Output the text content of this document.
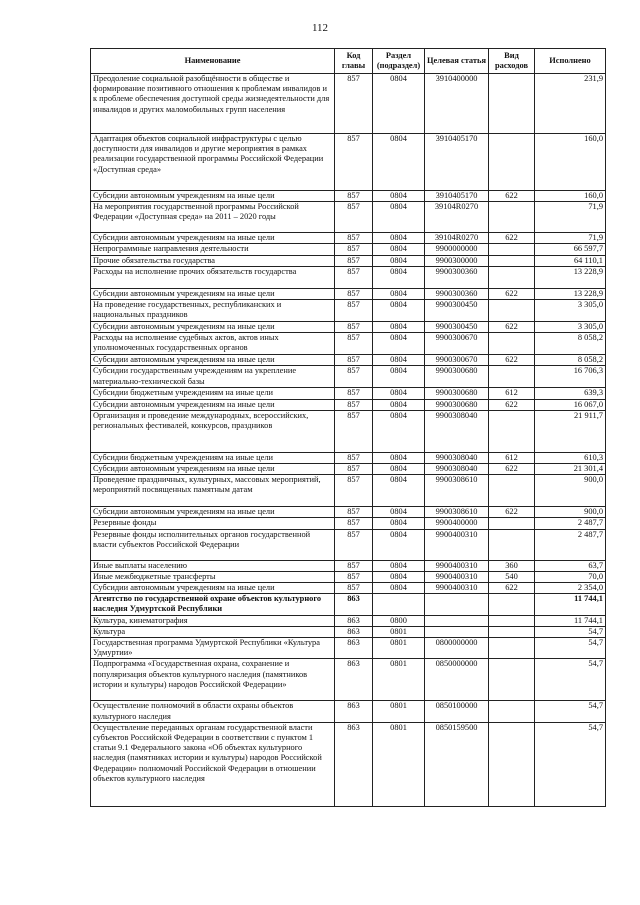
112
Наименование	Код главы	Раздел (подраздел)	Целевая статья	Вид расходов	Исполнено
Преодоление социальной разобщённости в обществе и формирование позитивного отношения к проблемам инвалидов и к проблеме обеспечения доступной среды жизнедеятельности для инвалидов и других маломобильных групп населения	857	0804	3910400000		231,9
Адаптация объектов социальной инфраструктуры с целью доступности для инвалидов и другие мероприятия в рамках реализации государственной программы Российской Федерации «Доступная среда»	857	0804	3910405170		160,0
Субсидии автономным учреждениям на иные цели	857	0804	3910405170	622	160,0
На мероприятия государственной программы Российской Федерации «Доступная среда» на 2011 – 2020 годы	857	0804	39104R0270		71,9
Субсидии автономным учреждениям на иные цели	857	0804	39104R0270	622	71,9
Непрограммные направления деятельности	857	0804	9900000000		66 597,7
Прочие обязательства государства	857	0804	9900300000		64 110,1
Расходы на исполнение прочих обязательств государства	857	0804	9900300360		13 228,9
Субсидии автономным учреждениям на иные цели	857	0804	9900300360	622	13 228,9
На проведение государственных, республиканских и национальных праздников	857	0804	9900300450		3 305,0
Субсидии автономным учреждениям на иные цели	857	0804	9900300450	622	3 305,0
Расходы на исполнение судебных актов, актов иных уполномоченных государственных органов	857	0804	9900300670		8 058,2
Субсидии автономным учреждениям на иные цели	857	0804	9900300670	622	8 058,2
Субсидии государственным учреждениям на укрепление материально-технической базы	857	0804	9900300680		16 706,3
Субсидии бюджетным учреждениям на иные цели	857	0804	9900300680	612	639,3
Субсидии автономным учреждениям на иные цели	857	0804	9900300680	622	16 067,0
Организация и проведение международных, всероссийских, региональных фестивалей, конкурсов, праздников	857	0804	9900308040		21 911,7
Субсидии бюджетным учреждениям на иные цели	857	0804	9900308040	612	610,3
Субсидии автономным учреждениям на иные цели	857	0804	9900308040	622	21 301,4
Проведение праздничных, культурных, массовых мероприятий, мероприятий посвященных памятным датам	857	0804	9900308610		900,0
Субсидии автономным учреждениям на иные цели	857	0804	9900308610	622	900,0
Резервные фонды	857	0804	9900400000		2 487,7
Резервные фонды исполнительных органов государственной власти субъектов Российской Федерации	857	0804	9900400310		2 487,7
Иные выплаты населению	857	0804	9900400310	360	63,7
Иные межбюджетные трансферты	857	0804	9900400310	540	70,0
Субсидии автономным учреждениям на иные цели	857	0804	9900400310	622	2 354,0
Агентство по государственной охране объектов культурного наследия Удмуртской Республики	863				11 744,1
Культура, кинематография	863	0800			11 744,1
Культура	863	0801			54,7
Государственная программа Удмуртской Республики «Культура Удмуртии»	863	0801	0800000000		54,7
Подпрограмма «Государственная охрана, сохранение и популяризация объектов культурного наследия (памятников истории и культуры) народов Российской Федерации»	863	0801	0850000000		54,7
Осуществление полномочий в области охраны объектов культурного наследия	863	0801	0850100000		54,7
Осуществление переданных органам государственной власти субъектов Российской Федерации в соответствии с пунктом 1 статьи 9.1 Федерального закона «Об объектах культурного наследия (памятниках истории и культуры) народов Российской Федерации» полномочий Российской Федерации в отношении объектов культурного наследия	863	0801	0850159500		54,7
